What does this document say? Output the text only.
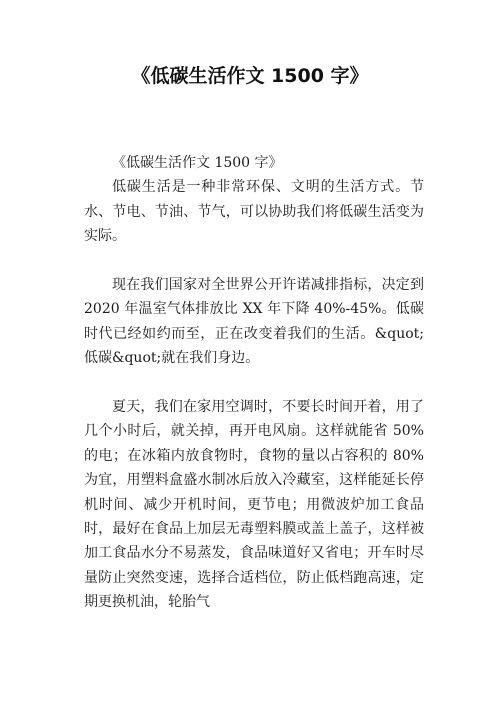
《低碳生活作文 1500 字》

《低碳生活作文 1500 字》

低碳生活是一种非常环保、文明的生活方式。节水、节电、节油、节气，可以协助我们将低碳生活变为实际。

现在我们国家对全世界公开许诺减排指标，决定到 2020 年温室气体排放比 XX 年下降 40%-45%。低碳时代已经如约而至，正在改变着我们的生活。&quot;低碳&quot;就在我们身边。

夏天，我们在家用空调时，不要长时间开着，用了几个小时后，就关掉，再开电风扇。这样就能省 50%的电；在冰箱内放食物时，食物的量以占容积的 80%为宜，用塑料盒盛水制冰后放入冷藏室，这样能延长停机时间、减少开机时间，更节电；用微波炉加工食品时，最好在食品上加层无毒塑料膜或盖上盖子，这样被加工食品水分不易蒸发，食品味道好又省电；开车时尽量防止突然变速，选择合适档位，防止低档跑高速，定期更换机油，轮胎气
